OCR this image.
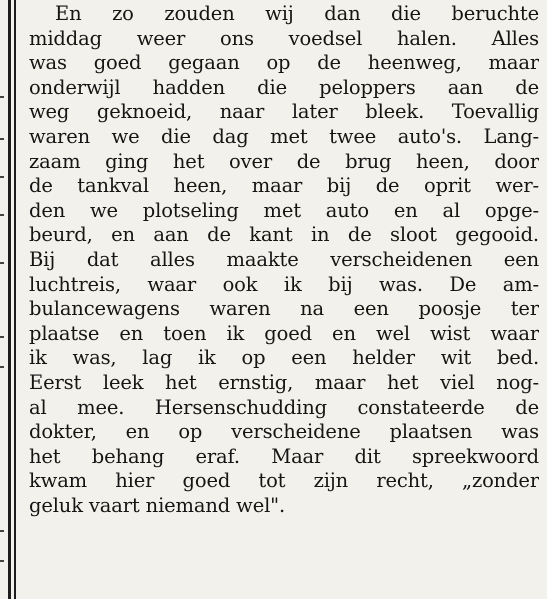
En zo zouden wij dan die beruchte
middag weer ons voedsel halen. Alles
was goed gegaan op de heenweg, maar
onderwijl hadden die peloppers aan de
weg geknoeid, naar later bleek. Toevallig
waren we die dag met twee auto's. Lang-
zaam ging het over de brug heen, door
de tankval heen, maar bij de oprit wer-
den we plotseling met auto en al opge-
beurd, en aan de kant in de sloot gegooid.
Bij dat alles maakte verscheidenen een
luchtreis, waar ook ik bij was. De am-
bulancewagens waren na een poosje ter
plaatse en toen ik goed en wel wist waar
ik was, lag ik op een helder wit bed.
Eerst leek het ernstig, maar het viel nog-
al mee. Hersenschudding constateerde de
dokter, en op verscheidene plaatsen was
het behang eraf. Maar dit spreekwoord
kwam hier goed tot zijn recht, „zonder
geluk vaart niemand wel".
